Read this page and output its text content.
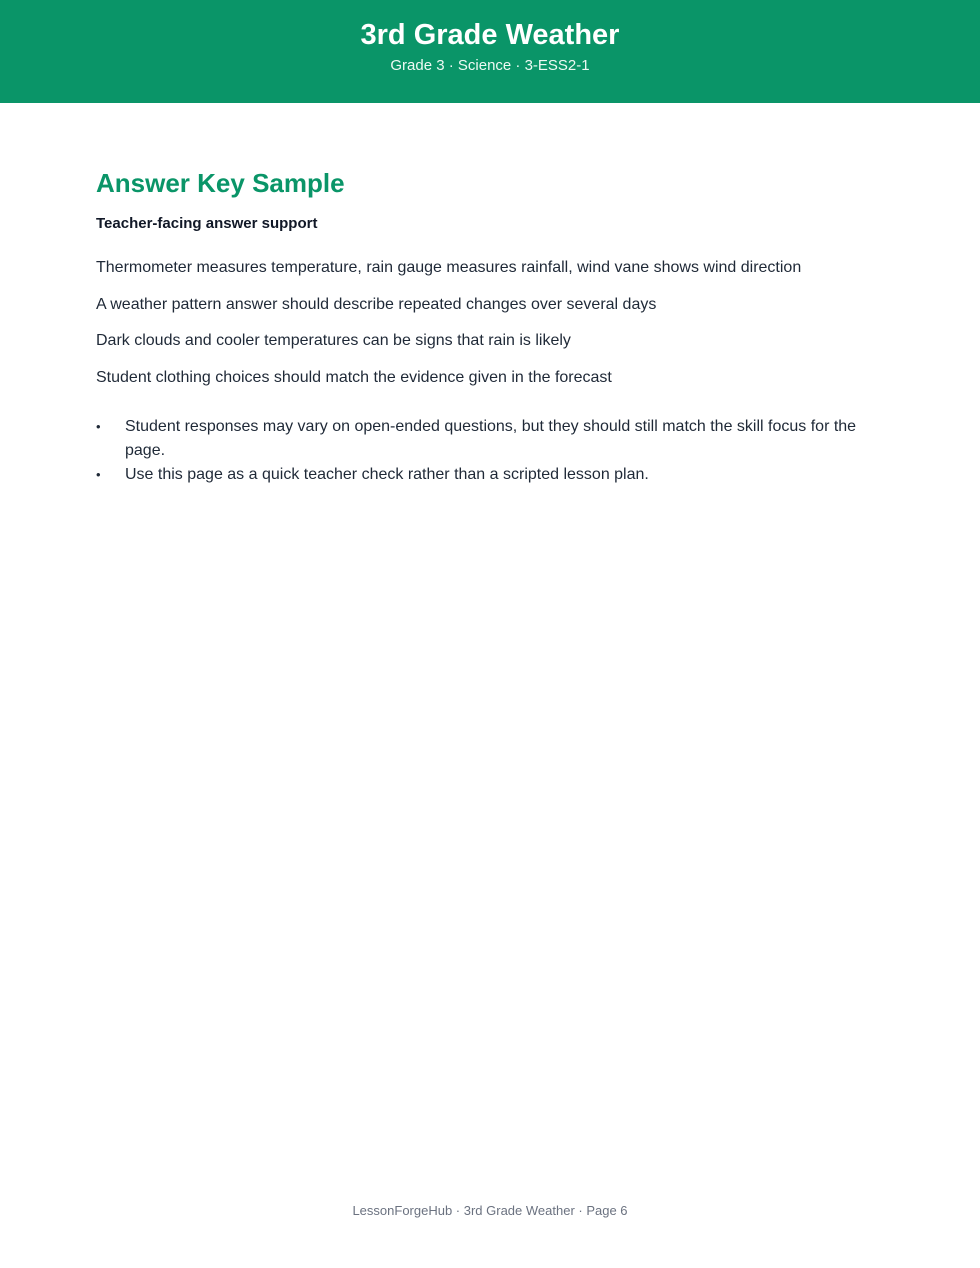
3rd Grade Weather
Grade 3 · Science · 3-ESS2-1
Answer Key Sample
Teacher-facing answer support

Thermometer measures temperature, rain gauge measures rainfall, wind vane shows wind direction

A weather pattern answer should describe repeated changes over several days

Dark clouds and cooler temperatures can be signs that rain is likely

Student clothing choices should match the evidence given in the forecast

•	Student responses may vary on open-ended questions, but they should still match the skill focus for the page.
•	Use this page as a quick teacher check rather than a scripted lesson plan.
LessonForgeHub · 3rd Grade Weather · Page 6
